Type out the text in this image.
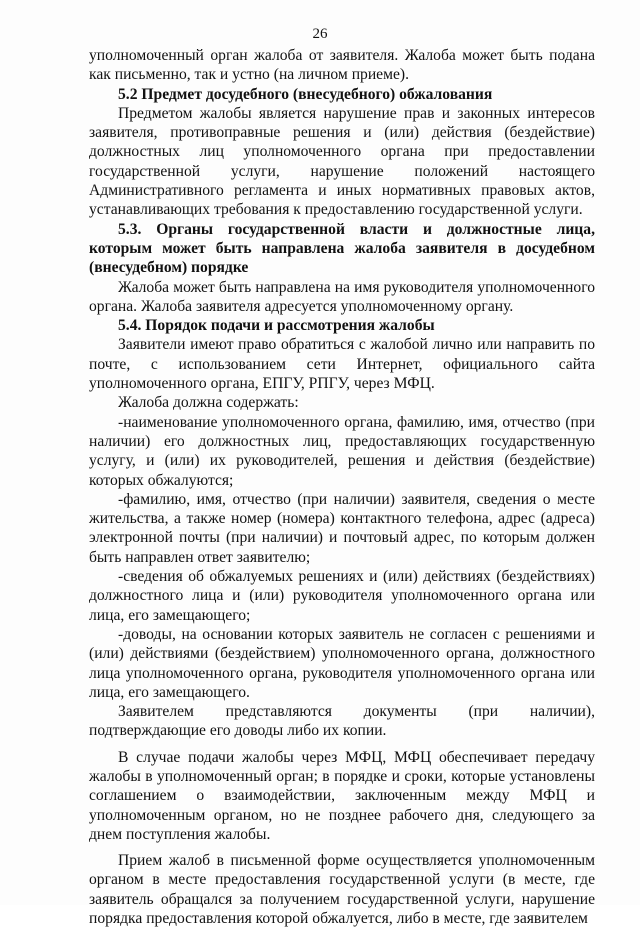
26

уполномоченный орган жалоба от заявителя. Жалоба может быть подана как письменно, так и устно (на личном приеме).

5.2 Предмет досудебного (внесудебного) обжалования

Предметом жалобы является нарушение прав и законных интересов заявителя, противоправные решения и (или) действия (бездействие) должностных лиц уполномоченного органа при предоставлении государственной услуги, нарушение положений настоящего Административного регламента и иных нормативных правовых актов, устанавливающих требования к предоставлению государственной услуги.

5.3. Органы государственной власти и должностные лица, которым может быть направлена жалоба заявителя в досудебном (внесудебном) порядке

Жалоба может быть направлена на имя руководителя уполномоченного органа. Жалоба заявителя адресуется уполномоченному органу.

5.4. Порядок подачи и рассмотрения жалобы

Заявители имеют право обратиться с жалобой лично или направить по почте, с использованием сети Интернет, официального сайта уполномоченного органа, ЕПГУ, РПГУ, через МФЦ.

Жалоба должна содержать:

-наименование уполномоченного органа, фамилию, имя, отчество (при наличии) его должностных лиц, предоставляющих государственную услугу, и (или) их руководителей, решения и действия (бездействие) которых обжалуются;

-фамилию, имя, отчество (при наличии) заявителя, сведения о месте жительства, а также номер (номера) контактного телефона, адрес (адреса) электронной почты (при наличии) и почтовый адрес, по которым должен быть направлен ответ заявителю;

-сведения об обжалуемых решениях и (или) действиях (бездействиях) должностного лица и (или) руководителя уполномоченного органа или лица, его замещающего;

-доводы, на основании которых заявитель не согласен с решениями и (или) действиями (бездействием) уполномоченного органа, должностного лица уполномоченного органа, руководителя уполномоченного органа или лица, его замещающего.

Заявителем представляются документы (при наличии), подтверждающие его доводы либо их копии.

В случае подачи жалобы через МФЦ, МФЦ обеспечивает передачу жалобы в уполномоченный орган; в порядке и сроки, которые установлены соглашением о взаимодействии, заключенным между МФЦ и уполномоченным органом, но не позднее рабочего дня, следующего за днем поступления жалобы.

Прием жалоб в письменной форме осуществляется уполномоченным органом в месте предоставления государственной услуги (в месте, где заявитель обращался за получением государственной услуги, нарушение порядка предоставления которой обжалуется, либо в месте, где заявителем
